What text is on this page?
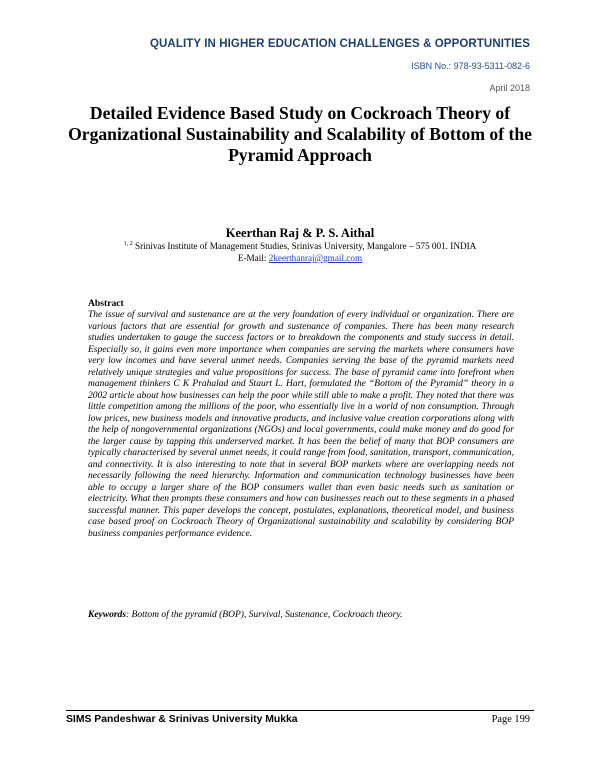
QUALITY IN HIGHER EDUCATION CHALLENGES & OPPORTUNITIES
ISBN No.: 978-93-5311-082-6
April 2018
Detailed Evidence Based Study on Cockroach Theory of Organizational Sustainability and Scalability of Bottom of the Pyramid Approach
Keerthan Raj & P. S. Aithal
$^{1, 2}$ Srinivas Institute of Management Studies, Srinivas University, Mangalore – 575 001. INDIA
E-Mail: 2keerthanraj@gmail.com
Abstract
The issue of survival and sustenance are at the very foundation of every individual or organization. There are various factors that are essential for growth and sustenance of companies. There has been many research studies undertaken to gauge the success factors or to breakdown the components and study success in detail. Especially so, it gains even more importance when companies are serving the markets where consumers have very low incomes and have several unmet needs. Companies serving the base of the pyramid markets need relatively unique strategies and value propositions for success. The base of pyramid came into forefront when management thinkers C K Prahalad and Staurt L. Hart, formulated the “Bottom of the Pyramid” theory in a 2002 article about how businesses can help the poor while still able to make a profit. They noted that there was little competition among the millions of the poor, who essentially live in a world of non consumption. Through low prices, new business models and innovative products, and inclusive value creation corporations along with the help of nongovernmental organizations (NGOs) and local governments, could make money and do good for the larger cause by tapping this underserved market. It has been the belief of many that BOP consumers are typically characterised by several unmet needs, it could range from food, sanitation, transport, communication, and connectivity. It is also interesting to note that in several BOP markets where are overlapping needs not necessarily following the need hierarchy. Information and communication technology businesses have been able to occupy a larger share of the BOP consumers wallet than even basic needs such as sanitation or electricity. What then prompts these consumers and how can businesses reach out to these segments in a phased successful manner. This paper develops the concept, postulates, explanations, theoretical model, and business case based proof on Cockroach Theory of Organizational sustainability and scalability by considering BOP business companies performance evidence.
Keywords: Bottom of the pyramid (BOP), Survival, Sustenance, Cockroach theory.
SIMS Pandeshwar & Srinivas University Mukka	Page 199
